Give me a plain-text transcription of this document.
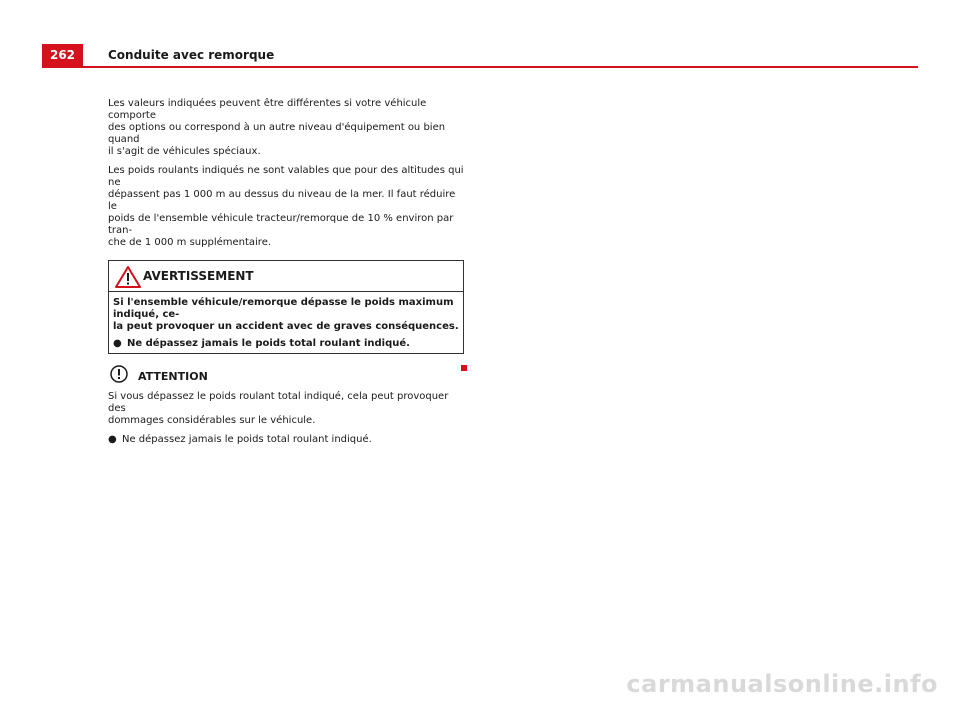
262	Conduite avec remorque

Les valeurs indiquées peuvent être différentes si votre véhicule comporte
des options ou correspond à un autre niveau d'équipement ou bien quand
il s'agit de véhicules spéciaux.

Les poids roulants indiqués ne sont valables que pour des altitudes qui ne
dépassent pas 1 000 m au dessus du niveau de la mer. Il faut réduire le
poids de l'ensemble véhicule tracteur/remorque de 10 % environ par tran-
che de 1 000 m supplémentaire.

AVERTISSEMENT

Si l'ensemble véhicule/remorque dépasse le poids maximum indiqué, ce-
la peut provoquer un accident avec de graves conséquences.

● Ne dépassez jamais le poids total roulant indiqué.
ATTENTION

Si vous dépassez le poids roulant total indiqué, cela peut provoquer des
dommages considérables sur le véhicule.

● Ne dépassez jamais le poids total roulant indiqué.
carmanualsonline.info
